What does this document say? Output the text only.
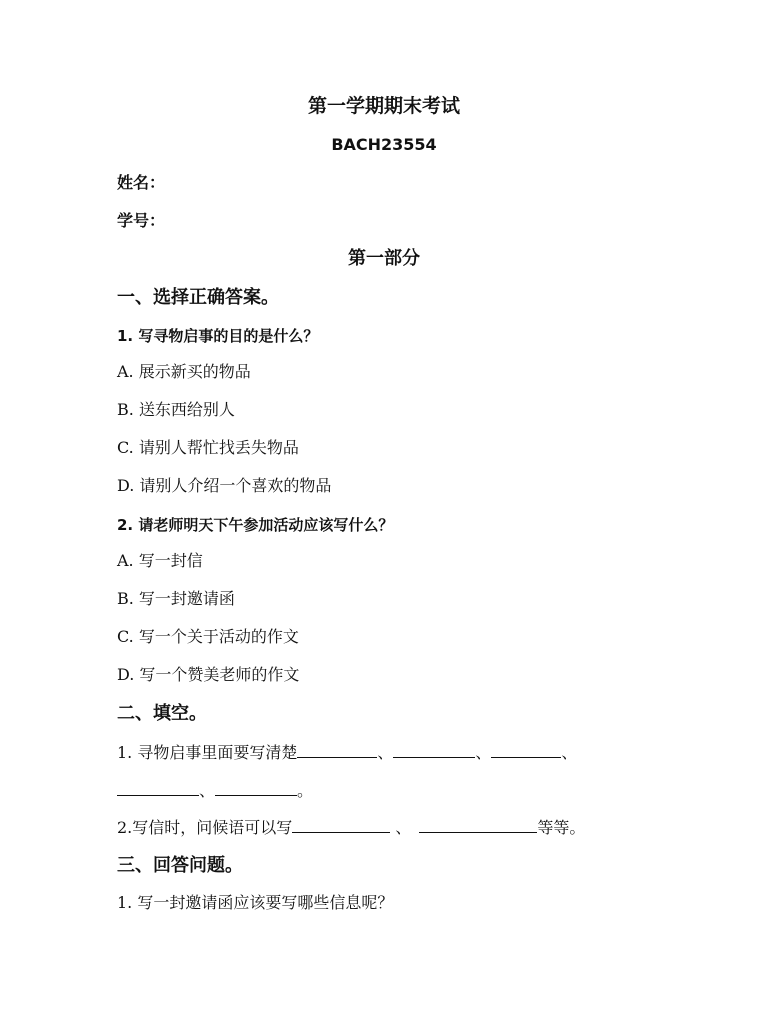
第一学期期末考试
BACH23554
姓名：
学号：
第一部分
一、选择正确答案。
1. 写寻物启事的目的是什么？
A. 展示新买的物品
B. 送东西给别人
C. 请别人帮忙找丢失物品
D. 请别人介绍一个喜欢的物品
2. 请老师明天下午参加活动应该写什么？
A. 写一封信
B. 写一封邀请函
C. 写一个关于活动的作文
D. 写一个赞美老师的作文
二、填空。
1. 寻物启事里面要写清楚	、	、	、
、	。
2.写信时，问候语可以写	、	等等。
三、回答问题。
1. 写一封邀请函应该要写哪些信息呢？
